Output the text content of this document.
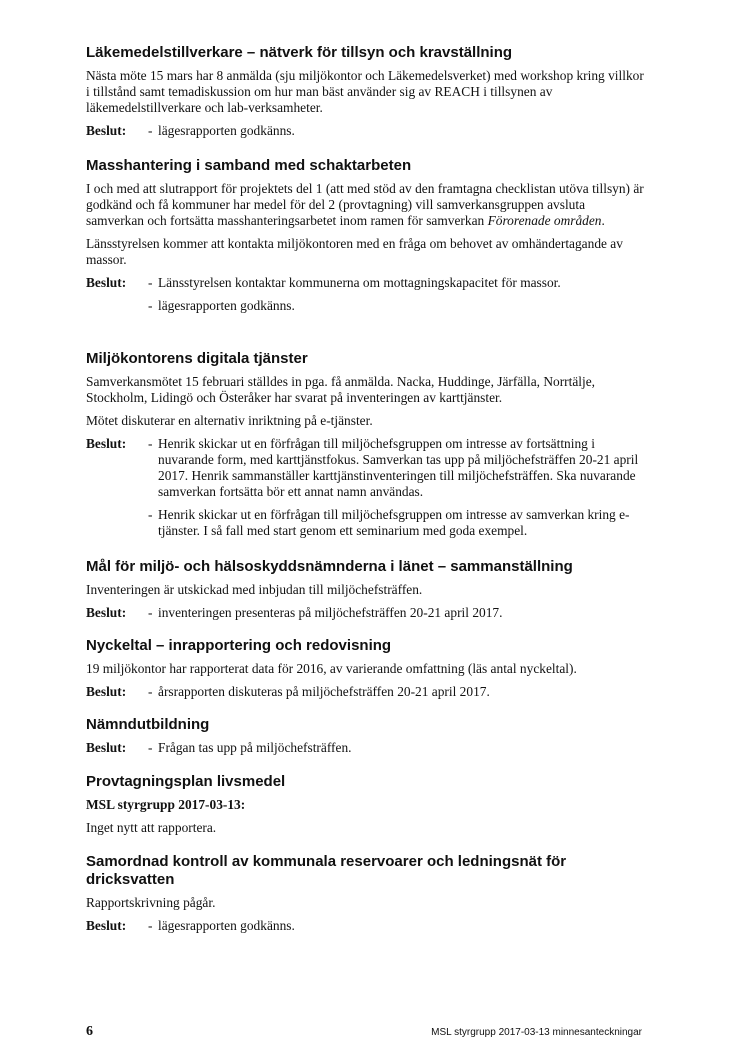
Läkemedelstillverkare – nätverk för tillsyn och kravställning

Nästa möte 15 mars har 8 anmälda (sju miljökontor och Läkemedelsverket) med workshop kring villkor i tillstånd samt temadiskussion om hur man bäst använder sig av REACH i tillsynen av läkemedelstillverkare och lab-verksamheter.

Beslut:	- lägesrapporten godkänns.
Masshantering i samband med schaktarbeten

I och med att slutrapport för projektets del 1 (att med stöd av den framtagna checklistan utöva tillsyn) är godkänd och få kommuner har medel för del 2 (provtagning) vill samverkansgruppen avsluta samverkan och fortsätta masshanteringsarbetet inom ramen för samverkan Förorenade områden.

Länsstyrelsen kommer att kontakta miljökontoren med en fråga om behovet av omhändertagande av massor.

Beslut:	- Länsstyrelsen kontaktar kommunerna om mottagningskapacitet för massor.
- lägesrapporten godkänns.
Miljökontorens digitala tjänster

Samverkansmötet 15 februari ställdes in pga. få anmälda. Nacka, Huddinge, Järfälla, Norrtälje, Stockholm, Lidingö och Österåker har svarat på inventeringen av karttjänster.

Mötet diskuterar en alternativ inriktning på e-tjänster.

Beslut:	- Henrik skickar ut en förfrågan till miljöchefsgruppen om intresse av fortsättning i nuvarande form, med karttjänstfokus. Samverkan tas upp på miljöchefsträffen 20-21 april 2017. Henrik sammanställer karttjänstinventeringen till miljöchefsträffen. Ska nuvarande samverkan fortsätta bör ett annat namn användas.
- Henrik skickar ut en förfrågan till miljöchefsgruppen om intresse av samverkan kring e-tjänster. I så fall med start genom ett seminarium med goda exempel.
Mål för miljö- och hälsoskyddsnämnderna i länet – sammanställning

Inventeringen är utskickad med inbjudan till miljöchefsträffen.

Beslut:	- inventeringen presenteras på miljöchefsträffen 20-21 april 2017.
Nyckeltal – inrapportering och redovisning

19 miljökontor har rapporterat data för 2016, av varierande omfattning (läs antal nyckeltal).

Beslut:	- årsrapporten diskuteras på miljöchefsträffen 20-21 april 2017.
Nämndutbildning
Beslut:	- Frågan tas upp på miljöchefsträffen.
Provtagningsplan livsmedel

MSL styrgrupp 2017-03-13:

Inget nytt att rapportera.

Samordnad kontroll av kommunala reservoarer och ledningsnät för dricksvatten

Rapportskrivning pågår.

Beslut:	- lägesrapporten godkänns.
6	MSL styrgrupp 2017-03-13 minnesanteckningar
